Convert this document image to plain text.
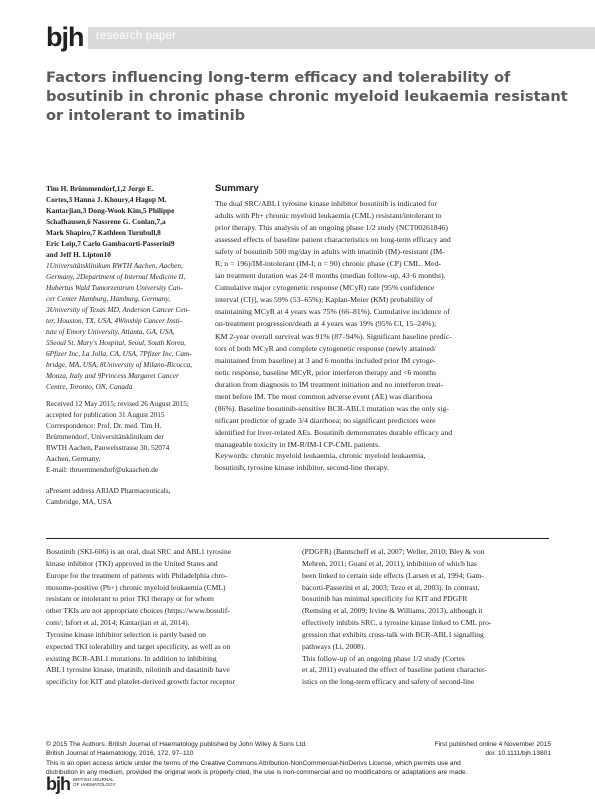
bjh research paper
Factors influencing long-term efficacy and tolerability of
bosutinib in chronic phase chronic myeloid leukaemia resistant
or intolerant to imatinib
Tim H. Brümmendorf,1,2 Jorge E.
Cortes,3 Hanna J. Khoury,4 Hagop M.
Kantarjian,3 Dong-Wook Kim,5 Philippe
Schafhausen,6 Nassrene G. Conlan,7,a
Mark Shapiro,7 Kathleen Turnbull,8
Eric Leip,7 Carlo Gambacorti-Passerini9
and Jeff H. Lipton10
1Universitätsklinikum RWTH Aachen, Aachen,
Germany, 2Department of Internal Medicine II,
Hubertus Wald Tumorzentrum University Can-
cer Center Hamburg, Hamburg, Germany,
3University of Texas MD, Anderson Cancer Cen-
ter, Houston, TX, USA, 4Winship Cancer Insti-
tute of Emory University, Atlanta, GA, USA,
5Seoul St. Mary's Hospital, Seoul, South Korea,
6Pfizer Inc, La Jolla, CA, USA, 7Pfizer Inc, Cam-
bridge, MA, USA, 8University of Milano-Bicocca,
Monza, Italy and 9Princess Margaret Cancer
Centre, Toronto, ON, Canada
Received 12 May 2015; revised 26 August 2015;
accepted for publication 31 August 2015
Correspondence: Prof. Dr. med. Tim H.
Brümmendorf, Universitätsklinikum der
RWTH Aachen, Pauwelsstrasse 30, 52074
Aachen, Germany.
E-mail: tbruemmendorf@ukaachen.de
aPresent address ARIAD Pharmaceuticals,
Cambridge, MA, USA
Summary
The dual SRC/ABL1 tyrosine kinase inhibitor bosutinib is indicated for
adults with Ph+ chronic myeloid leukaemia (CML) resistant/intolerant to
prior therapy. This analysis of an ongoing phase 1/2 study (NCT00261846)
assessed effects of baseline patient characteristics on long-term efficacy and
safety of bosutinib 500 mg/day in adults with imatinib (IM)-resistant (IM-
R; n = 196)/IM-intolerant (IM-I; n = 90) chronic phase (CP) CML. Med-
ian treatment duration was 24·8 months (median follow-up, 43·6 months).
Cumulative major cytogenetic response (MCyR) rate [95% confidence
interval (CI)], was 59% (53–65%); Kaplan-Meier (KM) probability of
maintaining MCyR at 4 years was 75% (66–81%). Cumulative incidence of
on-treatment progression/death at 4 years was 19% (95% CI, 15–24%);
KM 2-year overall survival was 91% (87–94%). Significant baseline predic-
tors of both MCyR and complete cytogenetic response (newly attained/
maintained from baseline) at 3 and 6 months included prior IM cytoge-
netic response, baseline MCyR, prior interferon therapy and <6 months
duration from diagnosis to IM treatment initiation and no interferon treat-
ment before IM. The most common adverse event (AE) was diarrhoea
(86%). Baseline bosutinib-sensitive BCR-ABL1 mutation was the only sig-
nificant predictor of grade 3/4 diarrhoea; no significant predictors were
identified for liver-related AEs. Bosutinib demonstrates durable efficacy and
manageable toxicity in IM-R/IM-I CP-CML patients.
Keywords: chronic myeloid leukaemia, chronic myeloid leukaemia,
bosutinib, tyrosine kinase inhibitor, second-line therapy.
Bosutinib (SKI-606) is an oral, dual SRC and ABL1 tyrosine
kinase inhibitor (TKI) approved in the United States and
Europe for the treatment of patients with Philadelphia chro-
mosome-positive (Ph+) chronic myeloid leukaemia (CML)
resistant or intolerant to prior TKI therapy or for whom
other TKIs are not appropriate choices (https://www.bosulif-
com/; Isfort et al, 2014; Kantarjian et al, 2014).
Tyrosine kinase inhibitor selection is partly based on
expected TKI tolerability and target specificity, as well as on
existing BCR-ABL1 mutations. In addition to inhibiting
ABL1 tyrosine kinase, imatinib, nilotinib and dasatinib have
specificity for KIT and platelet-derived growth factor receptor
(PDGFR) (Bantscheff et al, 2007; Weller, 2010; Bley & von
Mehren, 2011; Guaní et al, 2011), inhibition of which has
been linked to certain side effects (Larsen et al, 1994; Gam-
bacorti-Passerini et al, 2003; Tezo et al, 2003). In contrast,
bosutinib has minimal specificity for KIT and PDGFR
(Remsing et al, 2009; Irvine & Williams, 2013), although it
effectively inhibits SRC, a tyrosine kinase linked to CML pro-
gression that exhibits cross-talk with BCR-ABL1 signalling
pathways (Li, 2008).
This follow-up of an ongoing phase 1/2 study (Cortes
et al, 2011) evaluated the effect of baseline patient character-
istics on the long-term efficacy and safety of second-line
© 2015 The Authors. British Journal of Haematology published by John Wiley & Sons Ltd.	First published online 4 November 2015
British Journal of Haematology, 2016, 172, 97–110	doi: 10.1111/bjh.13801
This is an open access article under the terms of the Creative Commons Attribution-NonCommercial-NoDerivs License, which permits use and
distribution in any medium, provided the original work is properly cited, the use is non-commercial and no modifications or adaptations are made.
bjh BRITISH JOURNAL
OF HAEMATOLOGY
